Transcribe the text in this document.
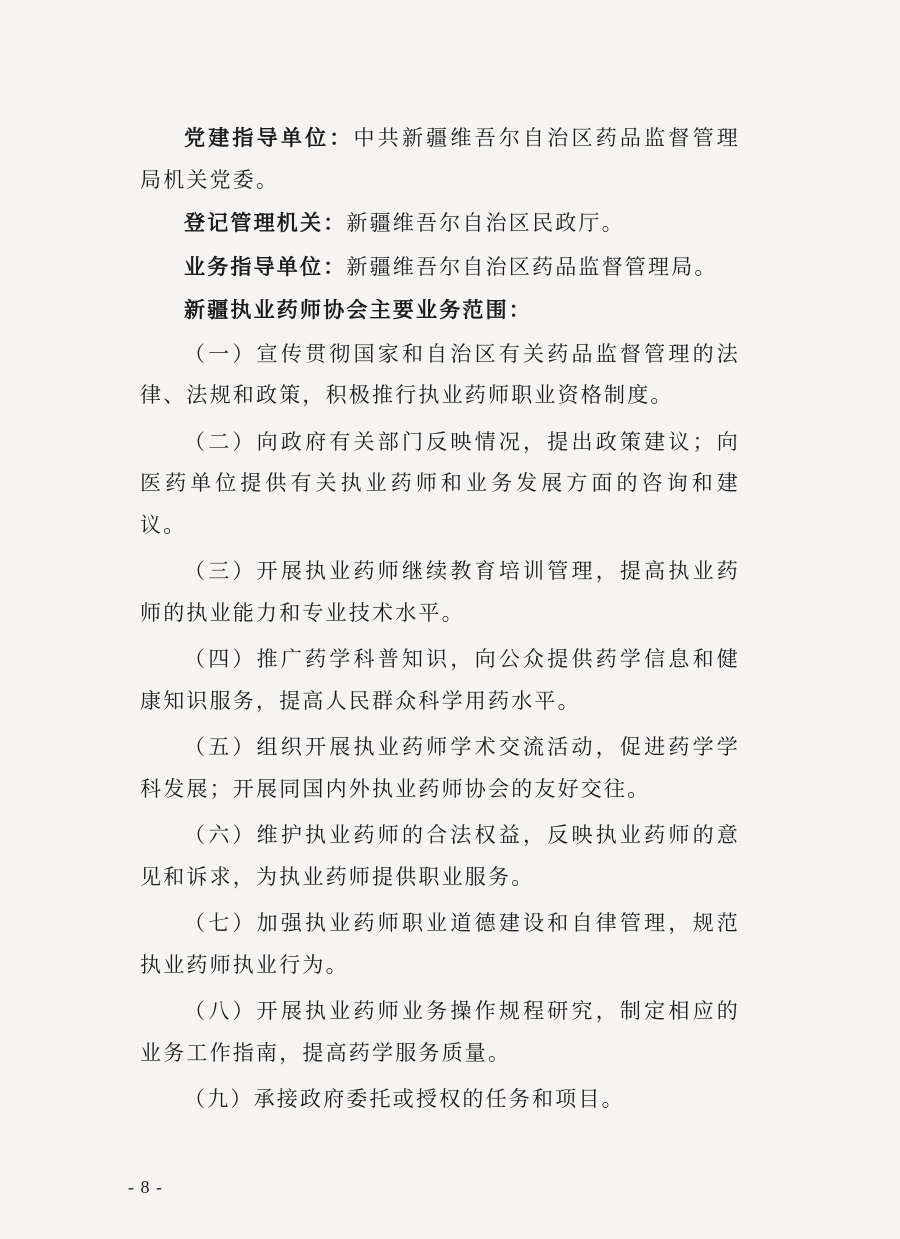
党建指导单位：中共新疆维吾尔自治区药品监督管理局机关党委。

登记管理机关：新疆维吾尔自治区民政厅。

业务指导单位：新疆维吾尔自治区药品监督管理局。

新疆执业药师协会主要业务范围：

（一）宣传贯彻国家和自治区有关药品监督管理的法律、法规和政策，积极推行执业药师职业资格制度。

（二）向政府有关部门反映情况，提出政策建议；向医药单位提供有关执业药师和业务发展方面的咨询和建议。

（三）开展执业药师继续教育培训管理，提高执业药师的执业能力和专业技术水平。

（四）推广药学科普知识，向公众提供药学信息和健康知识服务，提高人民群众科学用药水平。

（五）组织开展执业药师学术交流活动，促进药学学科发展；开展同国内外执业药师协会的友好交往。

（六）维护执业药师的合法权益，反映执业药师的意见和诉求，为执业药师提供职业服务。

（七）加强执业药师职业道德建设和自律管理，规范执业药师执业行为。

（八）开展执业药师业务操作规程研究，制定相应的业务工作指南，提高药学服务质量。

（九）承接政府委托或授权的任务和项目。

- 8 -
